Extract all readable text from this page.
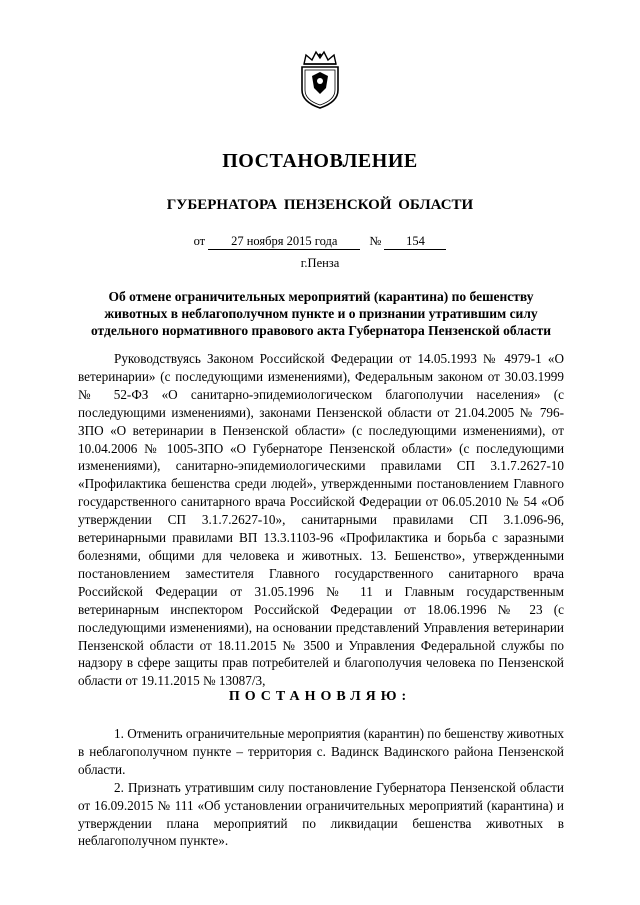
ПОСТАНОВЛЕНИЕ
ГУБЕРНАТОРА ПЕНЗЕНСКОЙ ОБЛАСТИ
от 27 ноября 2015 года	№ 154
г.Пенза
Об отмене ограничительных мероприятий (карантина) по бешенству животных в неблагополучном пункте и о признании утратившим силу отдельного нормативного правового акта Губернатора Пензенской области

Руководствуясь Законом Российской Федерации от 14.05.1993 № 4979-1 «О ветеринарии» (с последующими изменениями), Федеральным законом от 30.03.1999 № 52-ФЗ «О санитарно-эпидемиологическом благополучии населения» (с последующими изменениями), законами Пензенской области от 21.04.2005 № 796-ЗПО «О ветеринарии в Пензенской области» (с последующими изменениями), от 10.04.2006 № 1005-ЗПО «О Губернаторе Пензенской области» (с последующими изменениями), санитарно-эпидемиологическими правилами СП 3.1.7.2627-10 «Профилактика бешенства среди людей», утвержденными постановлением Главного государственного санитарного врача Российской Федерации от 06.05.2010 № 54 «Об утверждении СП 3.1.7.2627-10», санитарными правилами СП 3.1.096-96, ветеринарными правилами ВП 13.3.1103-96 «Профилактика и борьба с заразными болезнями, общими для человека и животных. 13. Бешенство», утвержденными постановлением заместителя Главного государственного санитарного врача Российской Федерации от 31.05.1996 № 11 и Главным государственным ветеринарным инспектором Российской Федерации от 18.06.1996 № 23 (с последующими изменениями), на основании представлений Управления ветеринарии Пензенской области от 18.11.2015 № 3500 и Управления Федеральной службы по надзору в сфере защиты прав потребителей и благополучия человека по Пензенской области от 19.11.2015 № 13087/3,

ПОСТАНОВЛЯЮ:

1. Отменить ограничительные мероприятия (карантин) по бешенству животных в неблагополучном пункте – территория с. Вадинск Вадинского района Пензенской области.

2. Признать утратившим силу постановление Губернатора Пензенской области от 16.09.2015 № 111 «Об установлении ограничительных мероприятий (карантина) и утверждении плана мероприятий по ликвидации бешенства животных в неблагополучном пункте».
